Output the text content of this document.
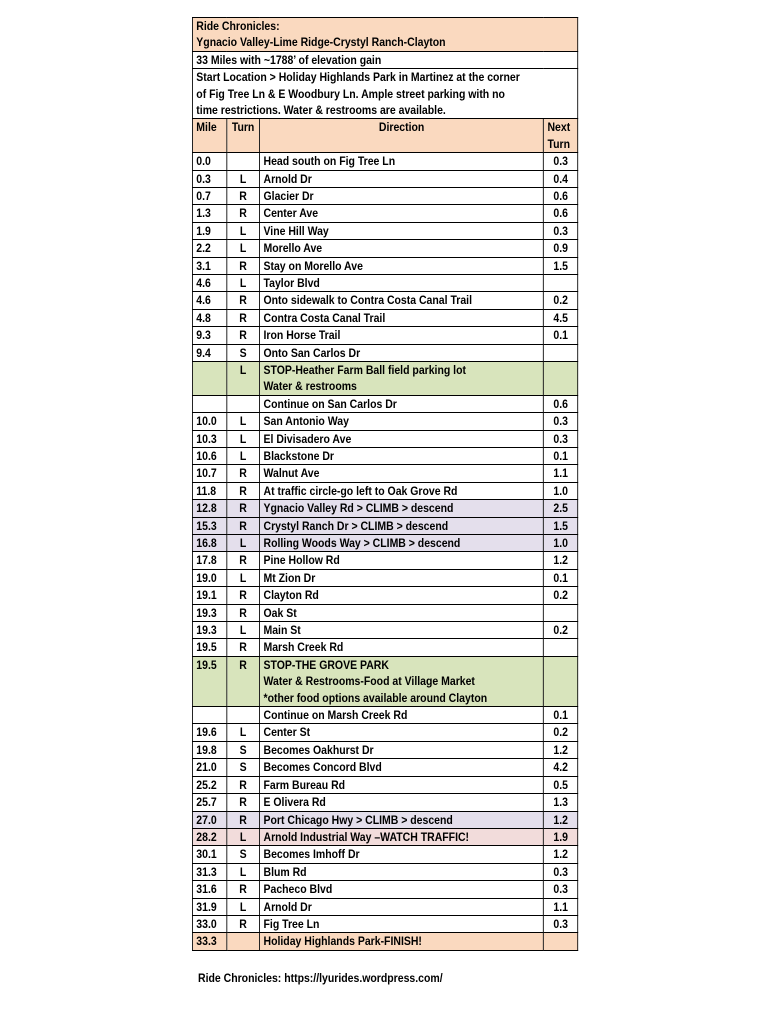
Ride Chronicles:
Ygnacio Valley-Lime Ridge-Crystyl Ranch-Clayton			

33 Miles with ~1788’ of elevation gain			

Start Location > Holiday Highlands Park in Martinez at the corner
of Fig Tree Ln & E Woodbury Ln. Ample street parking with no
time restrictions. Water & restrooms are available.			

Mile	Turn	Direction	Next
Turn

0.0		Head south on Fig Tree Ln	0.3
0.3	L	Arnold Dr	0.4
0.7	R	Glacier Dr	0.6
1.3	R	Center Ave	0.6
1.9	L	Vine Hill Way	0.3
2.2	L	Morello Ave	0.9
3.1	R	Stay on Morello Ave	1.5
4.6	L	Taylor Blvd	

4.6	R	Onto sidewalk to Contra Costa Canal Trail	0.2
4.8	R	Contra Costa Canal Trail	4.5
9.3	R	Iron Horse Trail	0.1
9.4	S	Onto San Carlos Dr	

	L	STOP-Heather Farm Ball field parking lot
Water & restrooms	

		Continue on San Carlos Dr	0.6
10.0	L	San Antonio Way	0.3
10.3	L	El Divisadero Ave	0.3
10.6	L	Blackstone Dr	0.1
10.7	R	Walnut Ave	1.1
11.8	R	At traffic circle-go left to Oak Grove Rd	1.0
12.8	R	Ygnacio Valley Rd > CLIMB > descend	2.5
15.3	R	Crystyl Ranch Dr > CLIMB > descend	1.5
16.8	L	Rolling Woods Way > CLIMB > descend	1.0
17.8	R	Pine Hollow Rd	1.2
19.0	L	Mt Zion Dr	0.1
19.1	R	Clayton Rd	0.2
19.3	R	Oak St	

19.3	L	Main St	0.2
19.5	R	Marsh Creek Rd	

19.5	R	STOP-THE GROVE PARK
Water & Restrooms-Food at Village Market
*other food options available around Clayton	

		Continue on Marsh Creek Rd	0.1
19.6	L	Center St	0.2
19.8	S	Becomes Oakhurst Dr	1.2
21.0	S	Becomes Concord Blvd	4.2
25.2	R	Farm Bureau Rd	0.5
25.7	R	E Olivera Rd	1.3
27.0	R	Port Chicago Hwy > CLIMB > descend	1.2
28.2	L	Arnold Industrial Way –WATCH TRAFFIC!	1.9
30.1	S	Becomes Imhoff Dr	1.2
31.3	L	Blum Rd	0.3
31.6	R	Pacheco Blvd	0.3
31.9	L	Arnold Dr	1.1
33.0	R	Fig Tree Ln	0.3
33.3		Holiday Highlands Park-FINISH!	

Ride Chronicles: https://lyurides.wordpress.com/
